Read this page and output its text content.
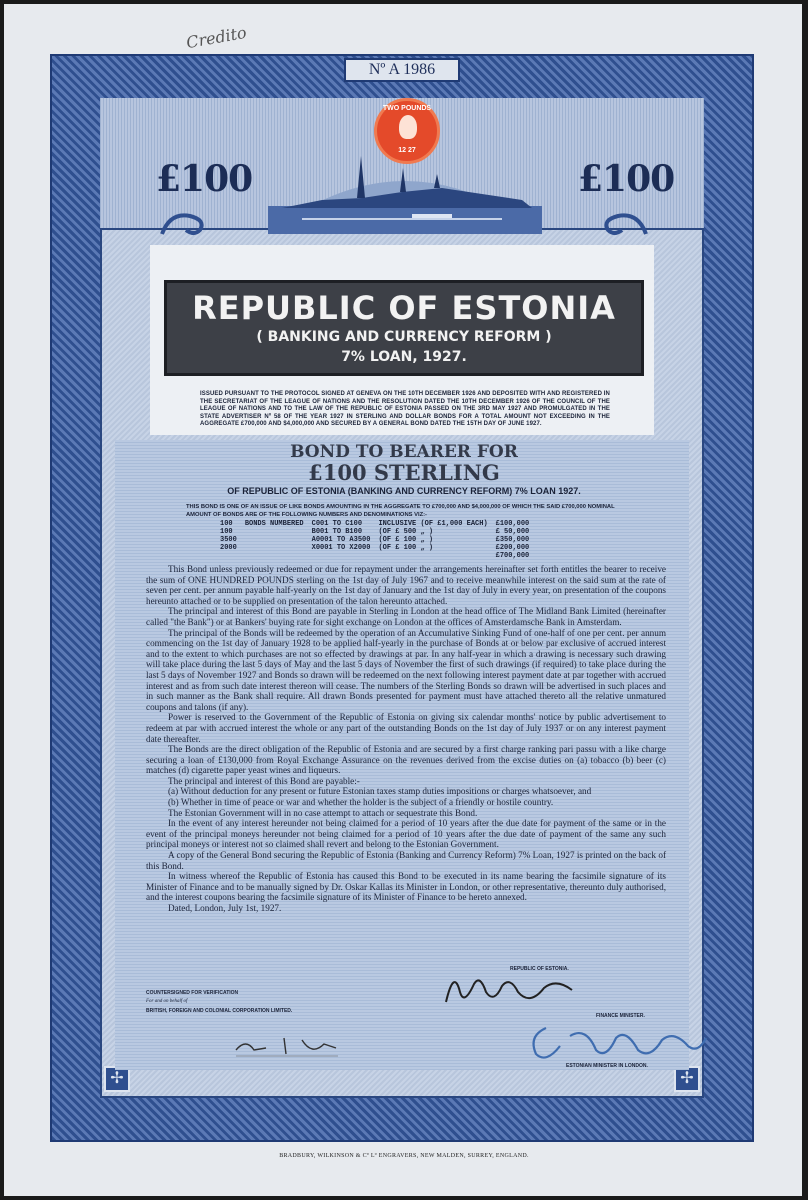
Credito
✢	✢
Nº A 1986
TWO POUNDS
12 27
£100	£100
REPUBLIC OF ESTONIA
( BANKING AND CURRENCY REFORM )
7% LOAN, 1927.
ISSUED PURSUANT TO THE PROTOCOL SIGNED AT GENEVA ON THE 10TH DECEMBER 1926 AND DEPOSITED WITH AND REGISTERED IN THE SECRETARIAT OF THE LEAGUE OF NATIONS AND THE RESOLUTION DATED THE 10TH DECEMBER 1926 OF THE COUNCIL OF THE LEAGUE OF NATIONS AND TO THE LAW OF THE REPUBLIC OF ESTONIA PASSED ON THE 3RD MAY 1927 AND PROMULGATED IN THE STATE ADVERTISER Nº 58 OF THE YEAR 1927 IN STERLING AND DOLLAR BONDS FOR A TOTAL AMOUNT NOT EXCEEDING IN THE AGGREGATE £700,000 AND $4,000,000 AND SECURED BY A GENERAL BOND DATED THE 15TH DAY OF JUNE 1927.
BOND TO BEARER FOR
£100 STERLING
OF REPUBLIC OF ESTONIA (BANKING AND CURRENCY REFORM) 7% LOAN 1927.
THIS BOND IS ONE OF AN ISSUE OF LIKE BONDS AMOUNTING IN THE AGGREGATE TO £700,000 AND $4,000,000 OF WHICH THE SAID £700,000 NOMINAL AMOUNT OF BONDS ARE OF THE FOLLOWING NUMBERS AND DENOMINATIONS VIZ:-
100	BONDS NUMBERED	C001 TO C100	INCLUSIVE (OF £1,000 EACH)	£100,000
100		B001 TO B100	(OF £ 500 „ )	£ 50,000
3500		A0001 TO A3500	(OF £ 100 „ )	£350,000
2000		X0001 TO X2000	(OF £ 100 „ )	£200,000
				£700,000

This Bond unless previously redeemed or due for repayment under the arrangements hereinafter set forth entitles the bearer to receive the sum of ONE HUNDRED POUNDS sterling on the 1st day of July 1967 and to receive meanwhile interest on the said sum at the rate of seven per cent. per annum payable half-yearly on the 1st day of January and the 1st day of July in every year, on presentation of the coupons hereunto attached or to be supplied on presentation of the talon hereunto attached.

The principal and interest of this Bond are payable in Sterling in London at the head office of The Midland Bank Limited (hereinafter called "the Bank") or at Bankers' buying rate for sight exchange on London at the offices of Amsterdamsche Bank in Amsterdam.

The principal of the Bonds will be redeemed by the operation of an Accumulative Sinking Fund of one-half of one per cent. per annum commencing on the 1st day of January 1928 to be applied half-yearly in the purchase of Bonds at or below par exclusive of accrued interest and to the extent to which purchases are not so effected by drawings at par. In any half-year in which a drawing is necessary such drawing will take place during the last 5 days of May and the last 5 days of November the first of such drawings (if required) to take place during the last 5 days of November 1927 and Bonds so drawn will be redeemed on the next following interest payment date at par together with accrued interest and as from such date interest thereon will cease. The numbers of the Sterling Bonds so drawn will be advertised in such places and in such manner as the Bank shall require. All drawn Bonds presented for payment must have attached thereto all the relative unmatured coupons and talons (if any).

Power is reserved to the Government of the Republic of Estonia on giving six calendar months' notice by public advertisement to redeem at par with accrued interest the whole or any part of the outstanding Bonds on the 1st day of July 1937 or on any interest payment date thereafter.

The Bonds are the direct obligation of the Republic of Estonia and are secured by a first charge ranking pari passu with a like charge securing a loan of £130,000 from Royal Exchange Assurance on the revenues derived from the excise duties on (a) tobacco (b) beer (c) matches (d) cigarette paper yeast wines and liqueurs.

The principal and interest of this Bond are payable:-

(a) Without deduction for any present or future Estonian taxes stamp duties impositions or charges whatsoever, and

(b) Whether in time of peace or war and whether the holder is the subject of a friendly or hostile country.

The Estonian Government will in no case attempt to attach or sequestrate this Bond.

In the event of any interest hereunder not being claimed for a period of 10 years after the due date for payment of the same or in the event of the principal moneys hereunder not being claimed for a period of 10 years after the due date of payment of the same any such principal moneys or interest not so claimed shall revert and belong to the Estonian Government.

A copy of the General Bond securing the Republic of Estonia (Banking and Currency Reform) 7% Loan, 1927 is printed on the back of this Bond.

In witness whereof the Republic of Estonia has caused this Bond to be executed in its name bearing the facsimile signature of its Minister of Finance and to be manually signed by Dr. Oskar Kallas its Minister in London, or other representative, thereunto duly authorised, and the interest coupons bearing the facsimile signature of its Minister of Finance to be hereto annexed.

Dated, London, July 1st, 1927.

REPUBLIC OF ESTONIA.
FINANCE MINISTER.
ESTONIAN MINISTER IN LONDON.
COUNTERSIGNED FOR VERIFICATION
For and on behalf of
BRITISH, FOREIGN AND COLONIAL CORPORATION LIMITED.
BRADBURY, WILKINSON & Cº Lº ENGRAVERS, NEW MALDEN, SURREY, ENGLAND.
